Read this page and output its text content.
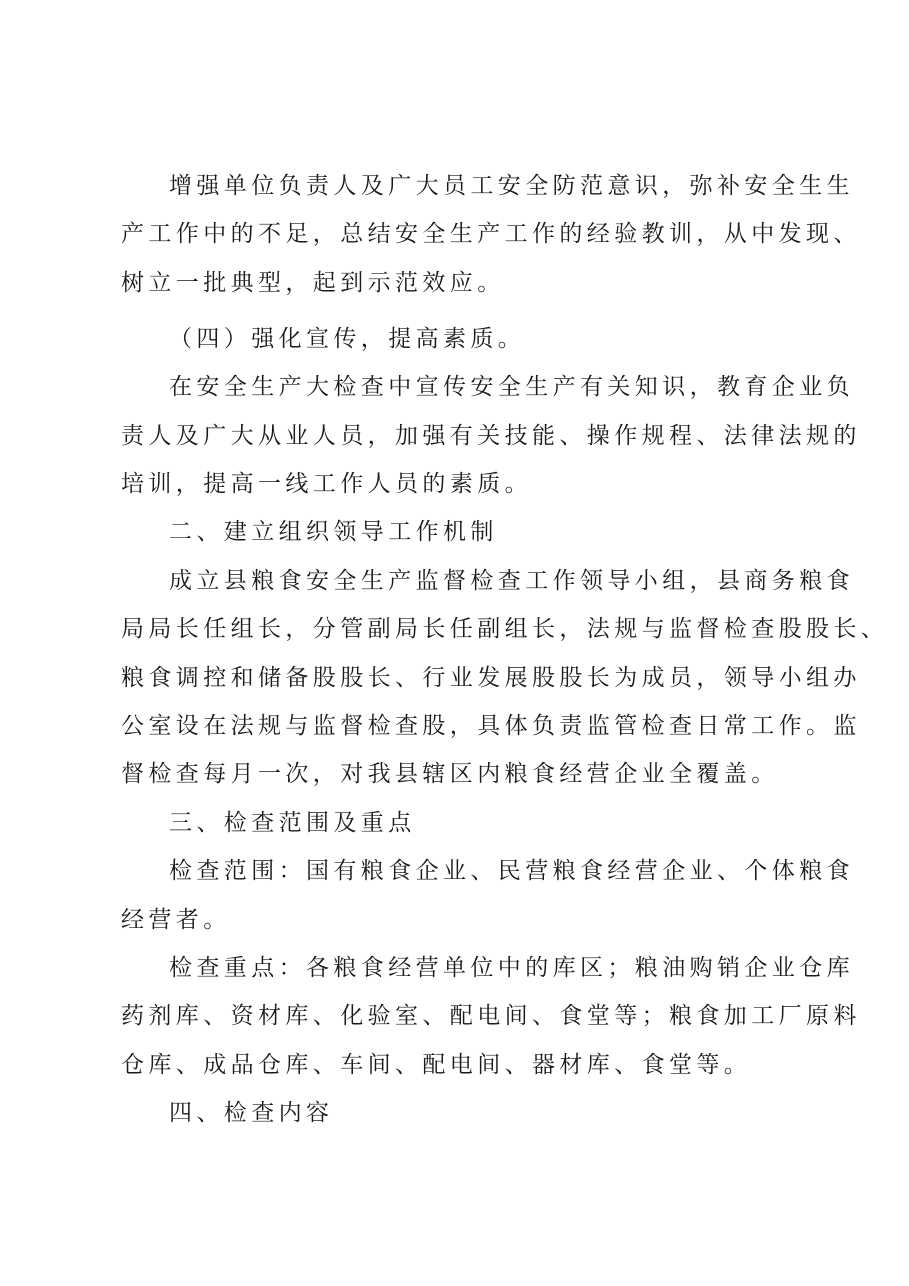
增强单位负责人及广大员工安全防范意识，弥补安全生生
产工作中的不足，总结安全生产工作的经验教训，从中发现、
树立一批典型，起到示范效应。
（四）强化宣传，提高素质。
在安全生产大检查中宣传安全生产有关知识，教育企业负
责人及广大从业人员，加强有关技能、操作规程、法律法规的
培训，提高一线工作人员的素质。
二、建立组织领导工作机制
成立县粮食安全生产监督检查工作领导小组，县商务粮食
局局长任组长，分管副局长任副组长，法规与监督检查股股长、
粮食调控和储备股股长、行业发展股股长为成员，领导小组办
公室设在法规与监督检查股，具体负责监管检查日常工作。监
督检查每月一次，对我县辖区内粮食经营企业全覆盖。
三、检查范围及重点
检查范围：国有粮食企业、民营粮食经营企业、个体粮食
经营者。
检查重点：各粮食经营单位中的库区；粮油购销企业仓库
药剂库、资材库、化验室、配电间、食堂等；粮食加工厂原料
仓库、成品仓库、车间、配电间、器材库、食堂等。
四、检查内容
